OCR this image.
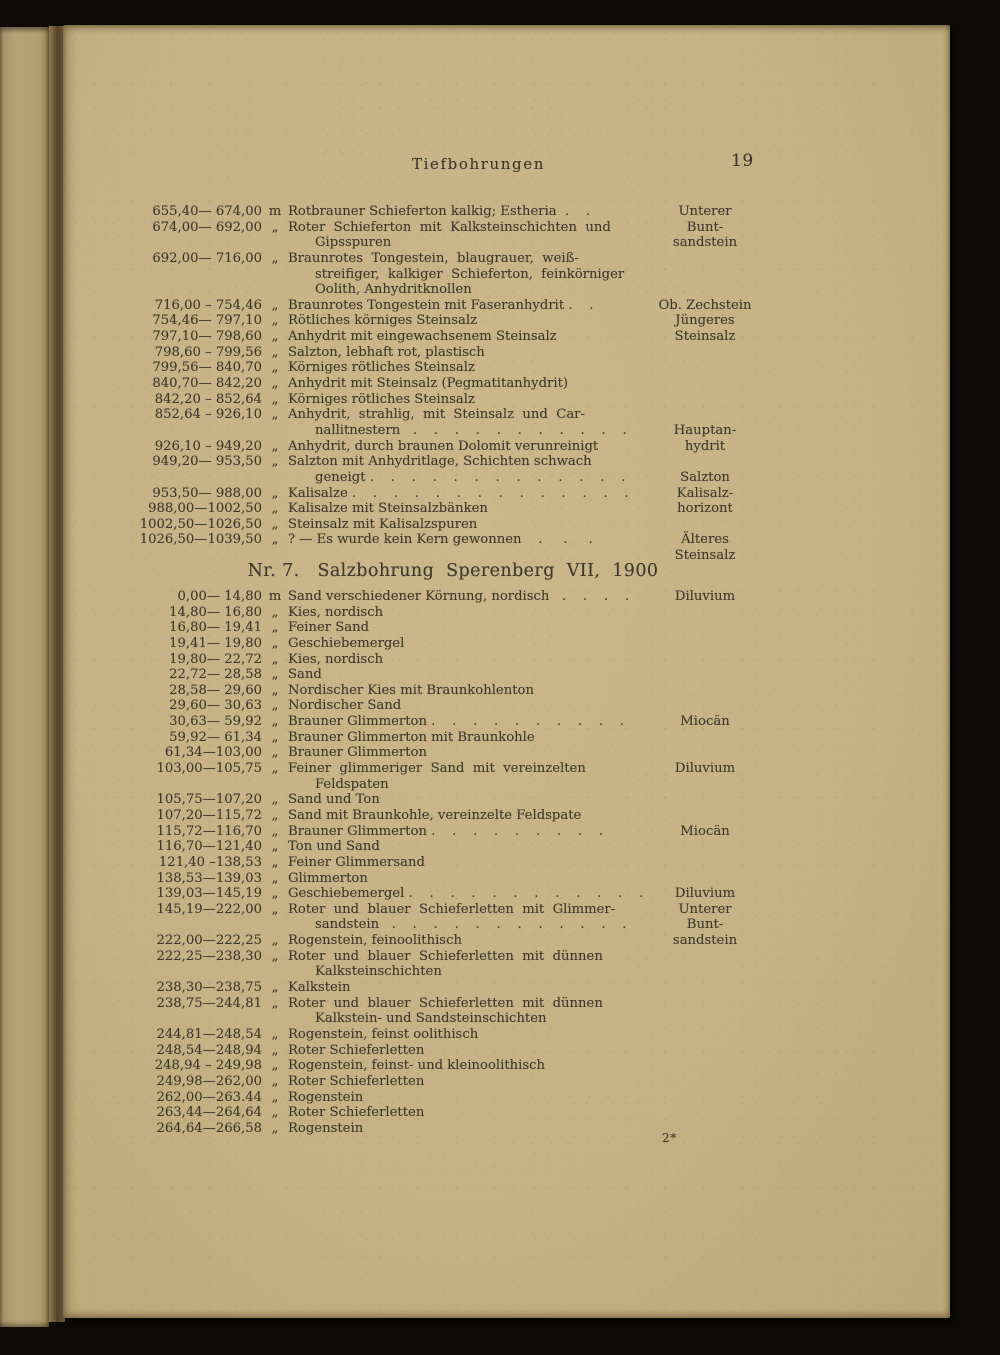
Tiefbohrungen	19
655,40— 674,00 m Rotbrauner Schieferton kalkig; Estheria  .    .	Unterer
674,00— 692,00 „ Roter  Schieferton  mit  Kalksteinschichten  und	Bunt-
Gipsspuren	sandstein
692,00— 716,00 „ Braunrotes  Tongestein,  blaugrauer,  weiß-
streifiger,  kalkiger  Schieferton,  feinkörniger
Oolith, Anhydritknollen
716,00 – 754,46 „ Braunrotes Tongestein mit Faseranhydrit .    .	Ob. Zechstein
754,46— 797,10 „ Rötliches körniges Steinsalz	Jüngeres
797,10— 798,60 „ Anhydrit mit eingewachsenem Steinsalz	Steinsalz
798,60 – 799,56 „ Salzton, lebhaft rot, plastisch
799,56— 840,70 „ Körniges rötliches Steinsalz
840,70— 842,20 „ Anhydrit mit Steinsalz (Pegmatitanhydrit)
842,20 – 852,64 „ Körniges rötliches Steinsalz
852,64 – 926,10 „ Anhydrit,  strahlig,  mit  Steinsalz  und  Car-
nallitnestern   .    .    .    .    .    .    .    .    .    .    .	Hauptan-
926,10 – 949,20 „ Anhydrit, durch braunen Dolomit verunreinigt	hydrit
949,20— 953,50 „ Salzton mit Anhydritlage, Schichten schwach
geneigt .    .    .    .    .    .    .    .    .    .    .    .    .	Salzton
953,50— 988,00 „ Kalisalze .    .    .    .    .    .    .    .    .    .    .    .    .    .	Kalisalz-
988,00—1002,50 „ Kalisalze mit Steinsalzbänken	horizont
1002,50—1026,50 „ Steinsalz mit Kalisalzspuren
1026,50—1039,50 „ ? — Es wurde kein Kern gewonnen    .     .     .	Älteres
Steinsalz
Nr. 7.   Salzbohrung  Sperenberg  VII,  1900
0,00— 14,80 m Sand verschiedener Körnung, nordisch   .    .    .    .	Diluvium
14,80— 16,80 „ Kies, nordisch
16,80— 19,41 „ Feiner Sand
19,41— 19,80 „ Geschiebemergel
19,80— 22,72 „ Kies, nordisch
22,72— 28,58 „ Sand
28,58— 29,60 „ Nordischer Kies mit Braunkohlenton
29,60— 30,63 „ Nordischer Sand
30,63— 59,92 „ Brauner Glimmerton .    .    .    .    .    .    .    .    .    .	Miocän
59,92— 61,34 „ Brauner Glimmerton mit Braunkohle
61,34—103,00 „ Brauner Glimmerton
103,00—105,75 „ Feiner  glimmeriger  Sand  mit  vereinzelten	Diluvium
Feldspaten
105,75—107,20 „ Sand und Ton
107,20—115,72 „ Sand mit Braunkohle, vereinzelte Feldspate
115,72—116,70 „ Brauner Glimmerton .    .    .    .    .    .    .    .    .	Miocän
116,70—121,40 „ Ton und Sand
121,40 –138,53 „ Feiner Glimmersand
138,53—139,03 „ Glimmerton
139,03—145,19 „ Geschiebemergel .    .    .    .    .    .    .    .    .    .    .    .	Diluvium
145,19—222,00 „ Roter  und  blauer  Schieferletten  mit  Glimmer-	Unterer
sandstein   .    .    .    .    .    .    .    .    .    .    .    .	Bunt-
222,00—222,25 „ Rogenstein, feinoolithisch	sandstein
222,25—238,30 „ Roter  und  blauer  Schieferletten  mit  dünnen
Kalksteinschichten
238,30—238,75 „ Kalkstein
238,75—244,81 „ Roter  und  blauer  Schieferletten  mit  dünnen
Kalkstein- und Sandsteinschichten
244,81—248,54 „ Rogenstein, feinst oolithisch
248,54—248,94 „ Roter Schieferletten
248,94 – 249,98 „ Rogenstein, feinst- und kleinoolithisch
249,98—262,00 „ Roter Schieferletten
262,00—263.44 „ Rogenstein
263,44—264,64 „ Roter Schieferletten
264,64—266,58 „ Rogenstein
2*
